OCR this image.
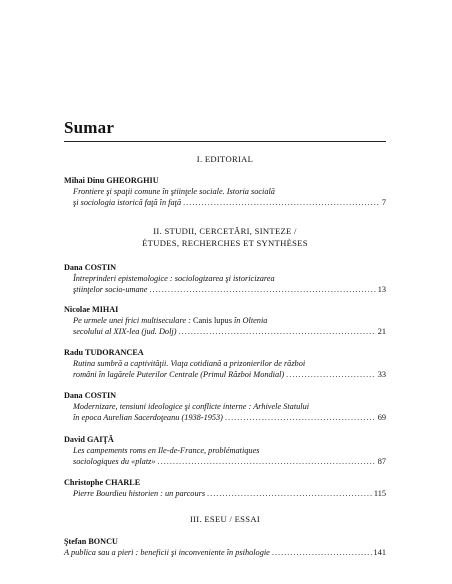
Sumar
I. EDITORIAL
Mihai Dinu GHEORGHIU
Frontiere şi spaţii comune în ştiinţele sociale. Istoria socială
şi sociologia istorică faţă în faţă .....	7
II. STUDII, CERCETĂRI, SINTEZE /
ÉTUDES, RECHERCHES ET SYNTHÈSES
Dana COSTIN
Întreprinderi epistemologice : sociologizarea şi istoricizarea
ştiinţelor socio-umane .....	13
Nicolae MIHAI
Pe urmele unei frici multiseculare : Canis lupus în Oltenia
secolului al XIX-lea (jud. Dolj) .....	21
Radu TUDORANCEA
Rutina sumbră a captivităţii. Viaţa cotidiană a prizonierilor de război
români în lagărele Puterilor Centrale (Primul Război Mondial) .....	33
Dana COSTIN
Modernizare, tensiuni ideologice şi conflicte interne : Arhivele Statului
în epoca Aurelian Sacerdoţeanu (1938-1953) .....	69
David GAIŢĂ
Les campements roms en Ile-de-France, problématiques
sociologiques du «platz» .....	87
Christophe CHARLE
Pierre Bourdieu historien : un parcours .....	115
III. ESEU / ESSAI
Ştefan BONCU
A publica sau a pieri : beneficii şi inconveniente în psihologie .....	141
